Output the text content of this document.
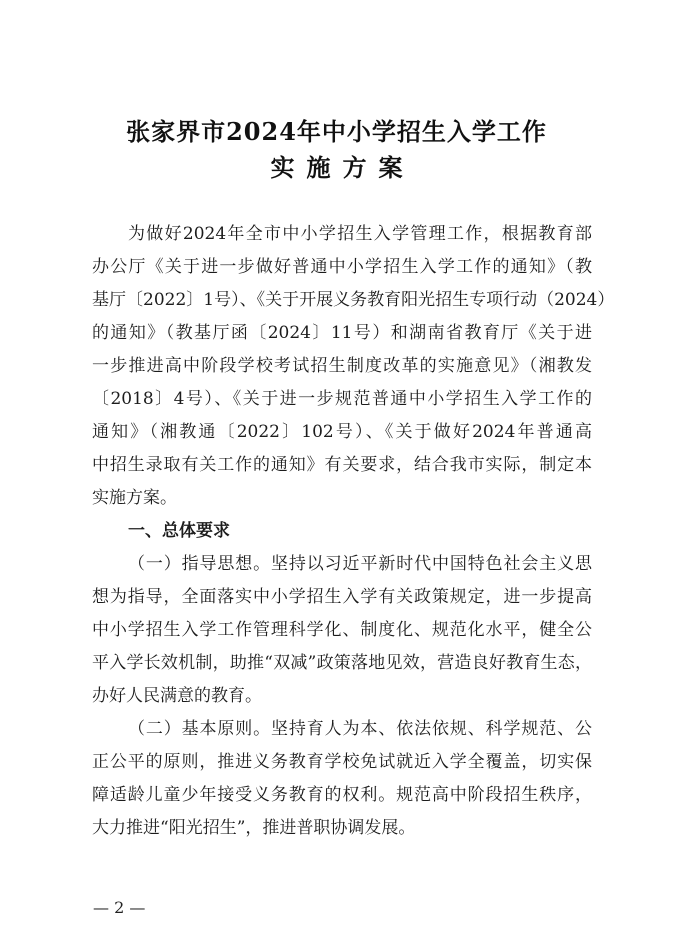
张家界市2024年中小学招生入学工作
实施方案
为做好2024年全市中小学招生入学管理工作，根据教育部
办公厅《关于进一步做好普通中小学招生入学工作的通知》（教
基厅〔2022〕1号）、《关于开展义务教育阳光招生专项行动（2024）
的通知》（教基厅函〔2024〕11号）和湖南省教育厅《关于进
一步推进高中阶段学校考试招生制度改革的实施意见》（湘教发
〔2018〕4号）、《关于进一步规范普通中小学招生入学工作的
通知》（湘教通〔2022〕102号）、《关于做好2024年普通高
中招生录取有关工作的通知》有关要求，结合我市实际，制定本
实施方案。
一、总体要求
（一）指导思想。坚持以习近平新时代中国特色社会主义思
想为指导，全面落实中小学招生入学有关政策规定，进一步提高
中小学招生入学工作管理科学化、制度化、规范化水平，健全公
平入学长效机制，助推“双减”政策落地见效，营造良好教育生态，
办好人民满意的教育。
（二）基本原则。坚持育人为本、依法依规、科学规范、公
正公平的原则，推进义务教育学校免试就近入学全覆盖，切实保
障适龄儿童少年接受义务教育的权利。规范高中阶段招生秩序，
大力推进“阳光招生”，推进普职协调发展。
— 2 —
